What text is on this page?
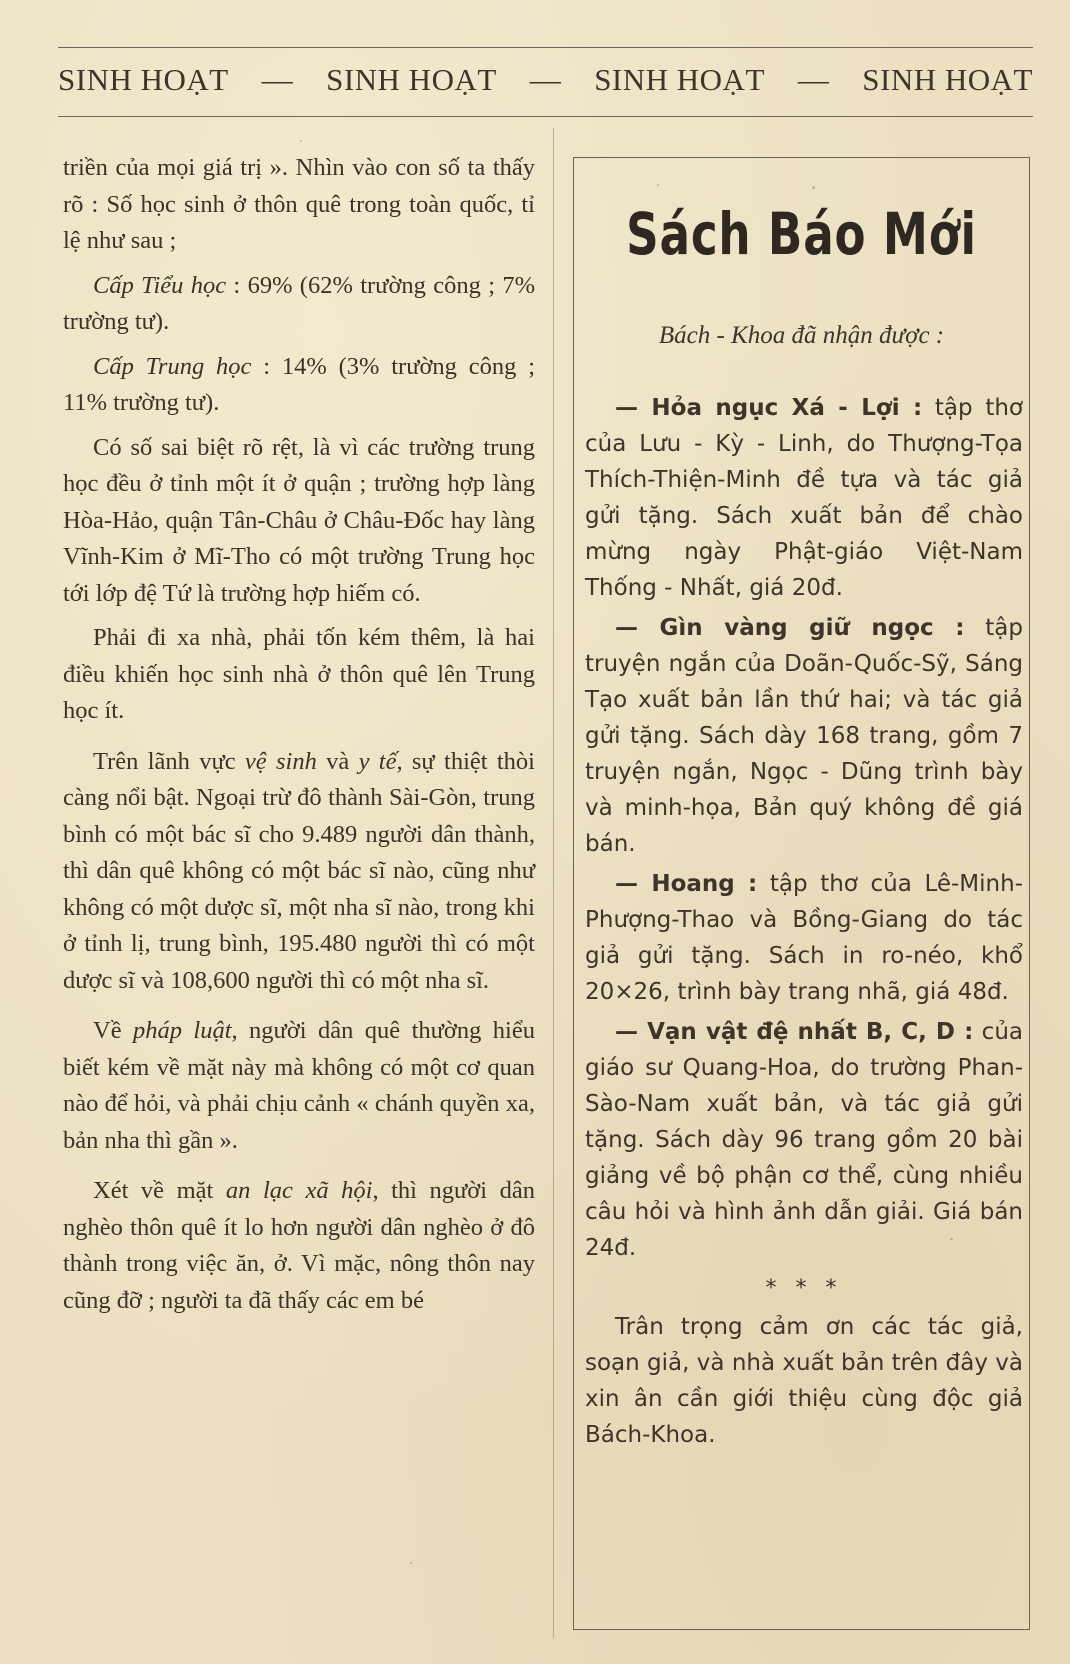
SINH HOẠT — SINH HOẠT — SINH HOẠT — SINH HOẠT

triền của mọi giá trị ». Nhìn vào con số ta thấy rõ : Số học sinh ở thôn quê trong toàn quốc, tỉ lệ như sau ;

Cấp Tiểu học : 69% (62% trường công ; 7% trường tư).

Cấp Trung học : 14% (3% trường công ; 11% trường tư).

Có số sai biệt rõ rệt, là vì các trường trung học đều ở tỉnh một ít ở quận ; trường hợp làng Hòa-Hảo, quận Tân-Châu ở Châu-Đốc hay làng Vĩnh-Kim ở Mĩ-Tho có một trường Trung học tới lớp đệ Tứ là trường hợp hiếm có.

Phải đi xa nhà, phải tốn kém thêm, là hai điều khiến học sinh nhà ở thôn quê lên Trung học ít.

Trên lãnh vực vệ sinh và y tế, sự thiệt thòi càng nổi bật. Ngoại trừ đô thành Sài-Gòn, trung bình có một bác sĩ cho 9.489 người dân thành, thì dân quê không có một bác sĩ nào, cũng như không có một dược sĩ, một nha sĩ nào, trong khi ở tỉnh lị, trung bình, 195.480 người thì có một dược sĩ và 108,600 người thì có một nha sĩ.

Về pháp luật, người dân quê thường hiểu biết kém về mặt này mà không có một cơ quan nào để hỏi, và phải chịu cảnh « chánh quyền xa, bản nha thì gần ».

Xét về mặt an lạc xã hội, thì người dân nghèo thôn quê ít lo hơn người dân nghèo ở đô thành trong việc ăn, ở. Vì mặc, nông thôn nay cũng đỡ ; người ta đã thấy các em bé

Sách Báo Mới
Bách - Khoa đã nhận được :

— Hỏa ngục Xá - Lợi : tập thơ của Lưu - Kỳ - Linh, do Thượng-Tọa Thích-Thiện-Minh đề tựa và tác giả gửi tặng. Sách xuất bản để chào mừng ngày Phật-giáo Việt-Nam Thống - Nhất, giá 20đ.

— Gìn vàng giữ ngọc : tập truyện ngắn của Doãn-Quốc-Sỹ, Sáng Tạo xuất bản lần thứ hai; và tác giả gửi tặng. Sách dày 168 trang, gồm 7 truyện ngắn, Ngọc - Dũng trình bày và minh-họa, Bản quý không đề giá bán.

— Hoang : tập thơ của Lê-Minh-Phượng-Thao và Bồng-Giang do tác giả gửi tặng. Sách in ro-néo, khổ 20×26, trình bày trang nhã, giá 48đ.

— Vạn vật đệ nhất B, C, D : của giáo sư Quang-Hoa, do trường Phan-Sào-Nam xuất bản, và tác giả gửi tặng. Sách dày 96 trang gồm 20 bài giảng về bộ phận cơ thể, cùng nhiều câu hỏi và hình ảnh dẫn giải. Giá bán 24đ.

* * *

Trân trọng cảm ơn các tác giả, soạn giả, và nhà xuất bản trên đây và xin ân cần giới thiệu cùng độc giả Bách-Khoa.
